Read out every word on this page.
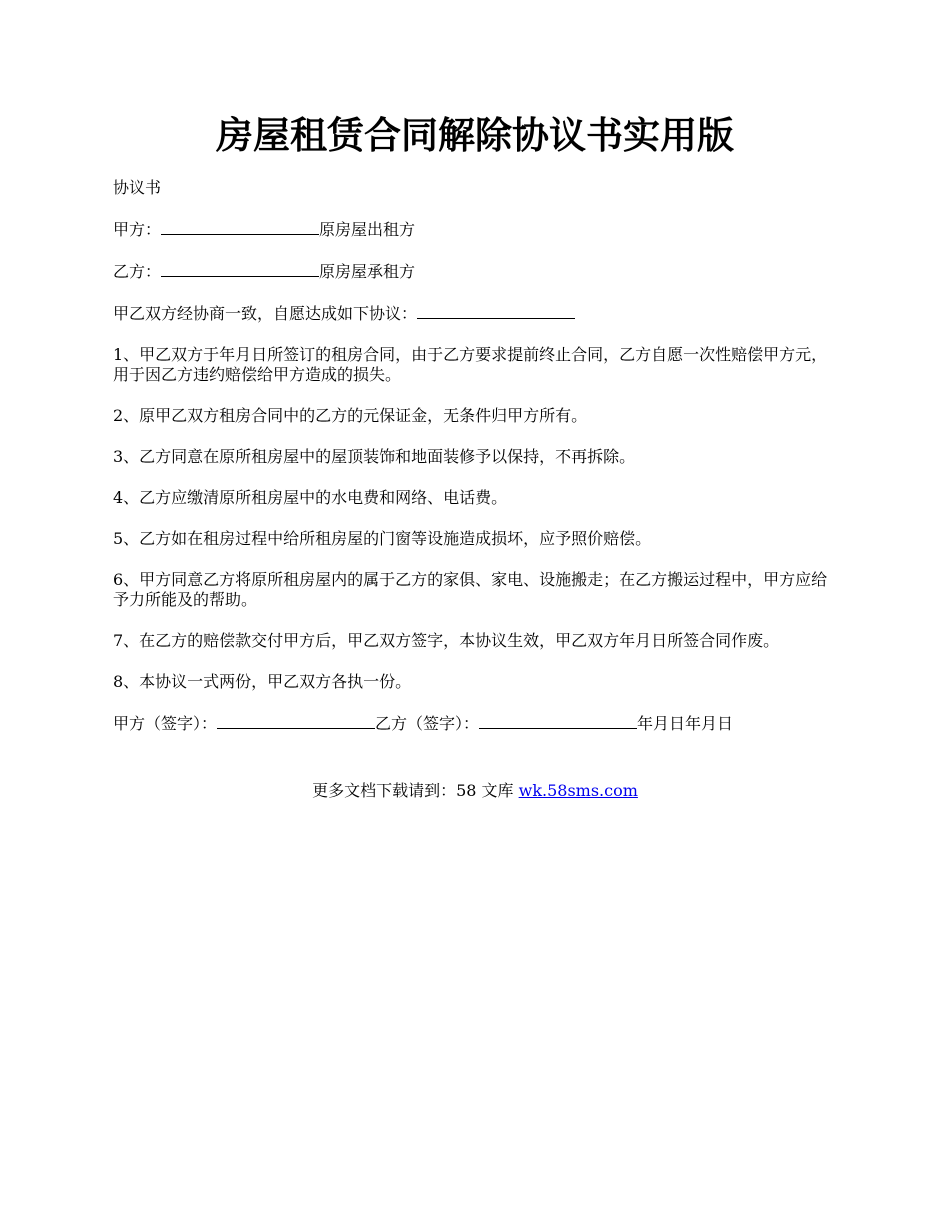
房屋租赁合同解除协议书实用版

协议书

甲方：	原房屋出租方

乙方：	原房屋承租方

甲乙双方经协商一致，自愿达成如下协议：

1、甲乙双方于年月日所签订的租房合同，由于乙方要求提前终止合同，乙方自愿一次性赔偿甲方元，用于因乙方违约赔偿给甲方造成的损失。

2、原甲乙双方租房合同中的乙方的元保证金，无条件归甲方所有。

3、乙方同意在原所租房屋中的屋顶装饰和地面装修予以保持，不再拆除。

4、乙方应缴清原所租房屋中的水电费和网络、电话费。

5、乙方如在租房过程中给所租房屋的门窗等设施造成损坏，应予照价赔偿。

6、甲方同意乙方将原所租房屋内的属于乙方的家俱、家电、设施搬走；在乙方搬运过程中，甲方应给予力所能及的帮助。

7、在乙方的赔偿款交付甲方后，甲乙双方签字，本协议生效，甲乙双方年月日所签合同作废。

8、本协议一式两份，甲乙双方各执一份。

甲方（签字）：	乙方（签字）：	年月日年月日

更多文档下载请到：58 文库 wk.58sms.com
